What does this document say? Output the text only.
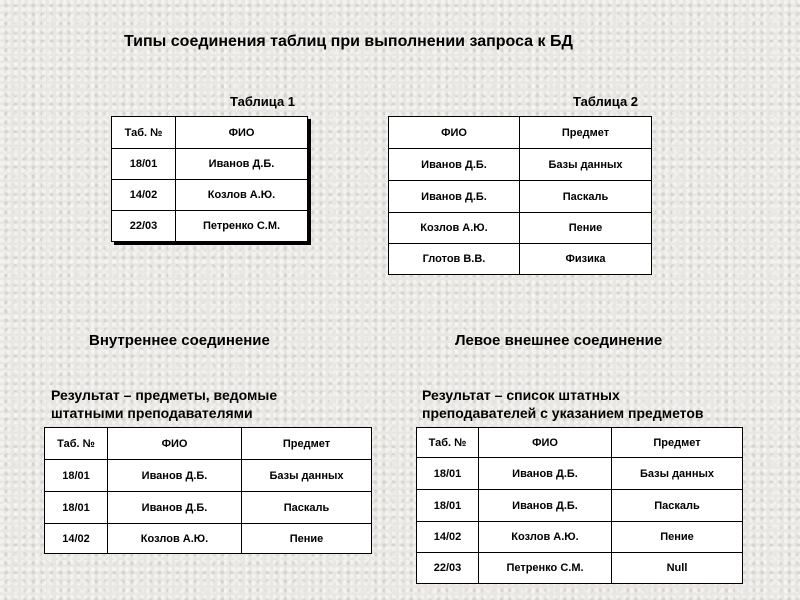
Типы соединения таблиц при выполнении запроса к БД
Таблица 1
Таб. №	ФИО
18/01	Иванов Д.Б.
14/02	Козлов А.Ю.
22/03	Петренко С.М.
Таблица 2
ФИО	Предмет
Иванов Д.Б.	Базы данных
Иванов Д.Б.	Паскаль
Козлов А.Ю.	Пение
Глотов В.В.	Физика
Внутреннее соединение
Результат – предметы, ведомые
штатными преподавателями
Таб. №	ФИО	Предмет
18/01	Иванов Д.Б.	Базы данных
18/01	Иванов Д.Б.	Паскаль
14/02	Козлов А.Ю.	Пение
Левое внешнее соединение
Результат – список штатных
преподавателей с указанием предметов
Таб. №	ФИО	Предмет
18/01	Иванов Д.Б.	Базы данных
18/01	Иванов Д.Б.	Паскаль
14/02	Козлов А.Ю.	Пение
22/03	Петренко С.М.	Null
